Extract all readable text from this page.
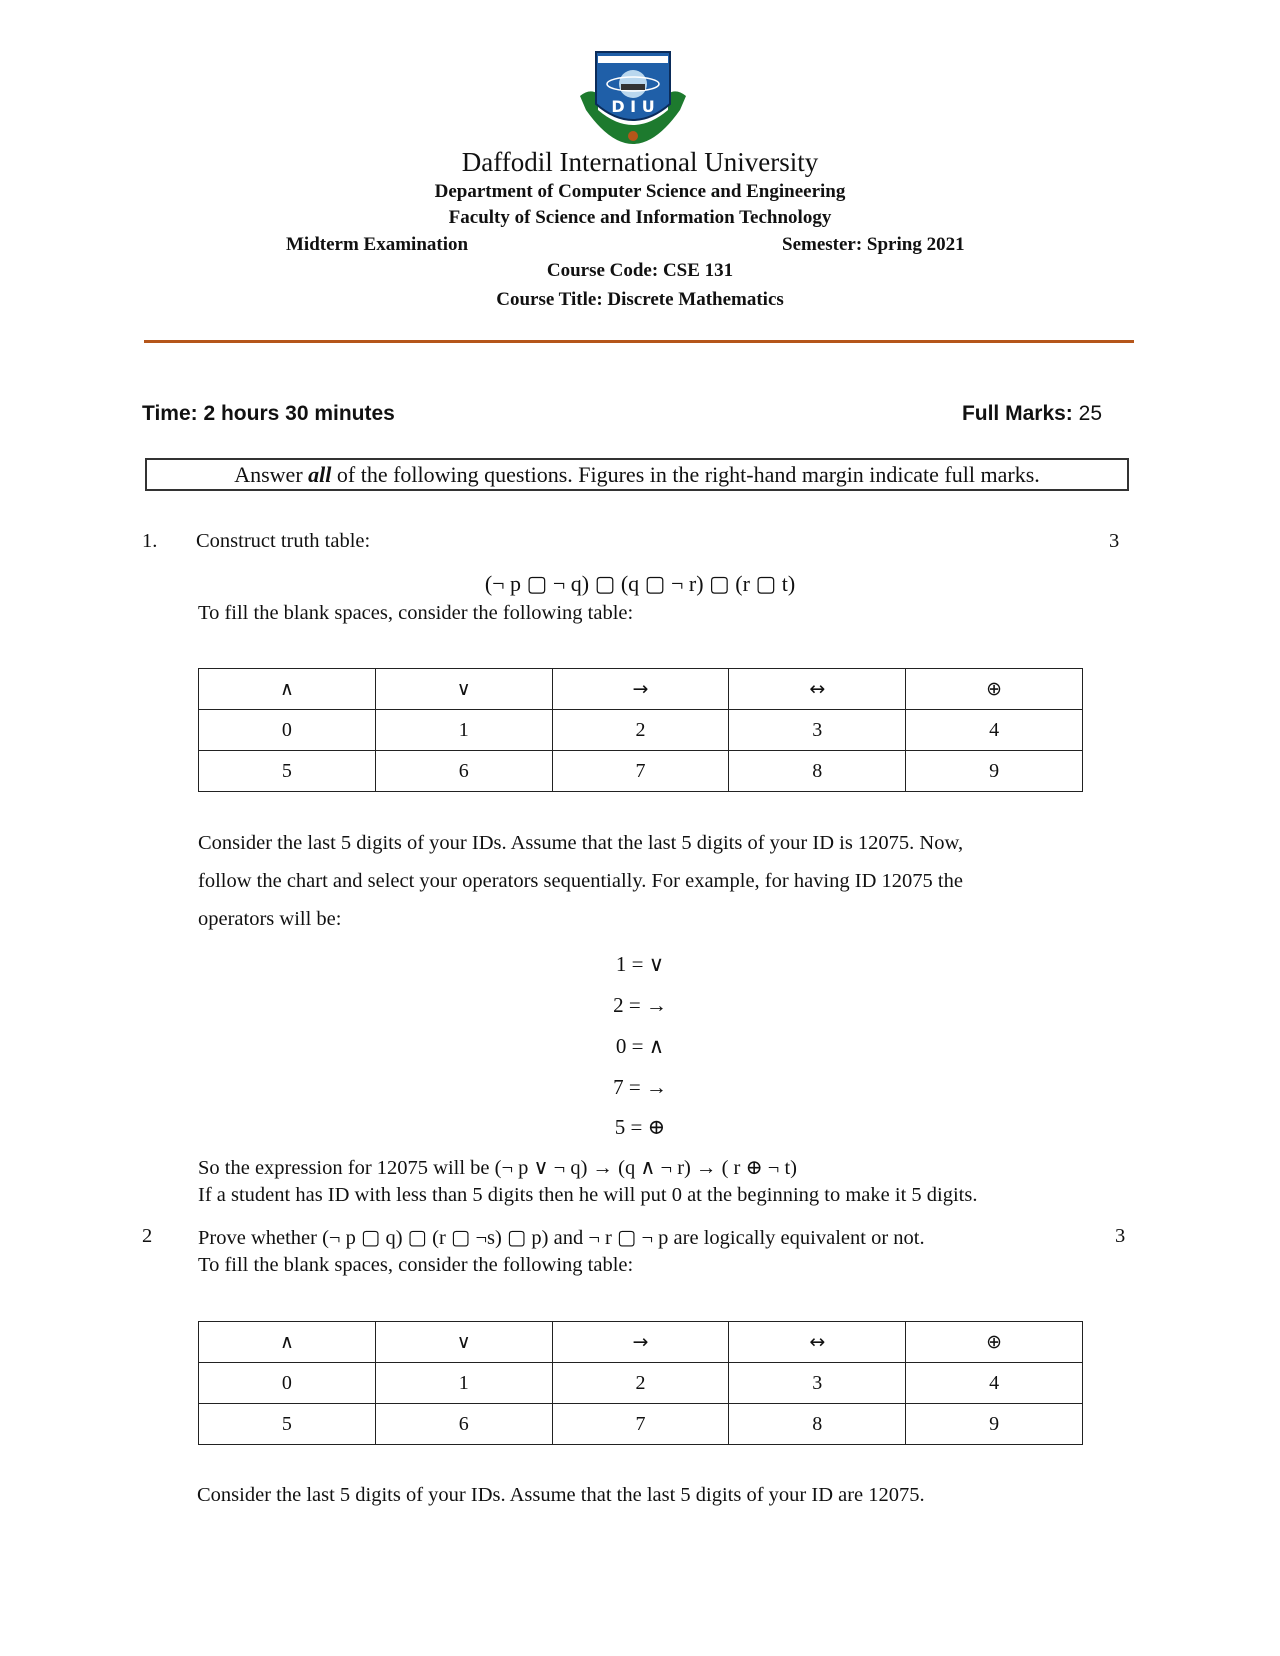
D I U
Daffodil International University
Department of Computer Science and Engineering
Faculty of Science and Information Technology
Midterm Examination	Semester: Spring 2021
Course Code: CSE 131
Course Title: Discrete Mathematics
Time: 2 hours 30 minutes	Full Marks: 25
Answer all of the following questions. Figures in the right-hand margin indicate full marks.
1. Construct truth table:	3
(¬ p ▢ ¬ q) ▢ (q ▢ ¬ r) ▢ (r ▢ t)
To fill the blank spaces, consider the following table:
∧	∨	→	↔	⊕
0	1	2	3	4
5	6	7	8	9
Consider the last 5 digits of your IDs. Assume that the last 5 digits of your ID is 12075. Now,
follow the chart and select your operators sequentially. For example, for having ID 12075 the
operators will be:
1 = ∨
2 = →
0 = ∧
7 = →
5 = ⊕
So the expression for 12075 will be (¬ p ∨ ¬ q) → (q ∧ ¬ r) → ( r ⊕ ¬ t)
If a student has ID with less than 5 digits then he will put 0 at the beginning to make it 5 digits.
2 Prove whether (¬ p ▢ q) ▢ (r ▢ ¬s) ▢ p) and ¬ r ▢ ¬ p are logically equivalent or not.	3
To fill the blank spaces, consider the following table:
∧	∨	→	↔	⊕
0	1	2	3	4
5	6	7	8	9
Consider the last 5 digits of your IDs. Assume that the last 5 digits of your ID are 12075.
